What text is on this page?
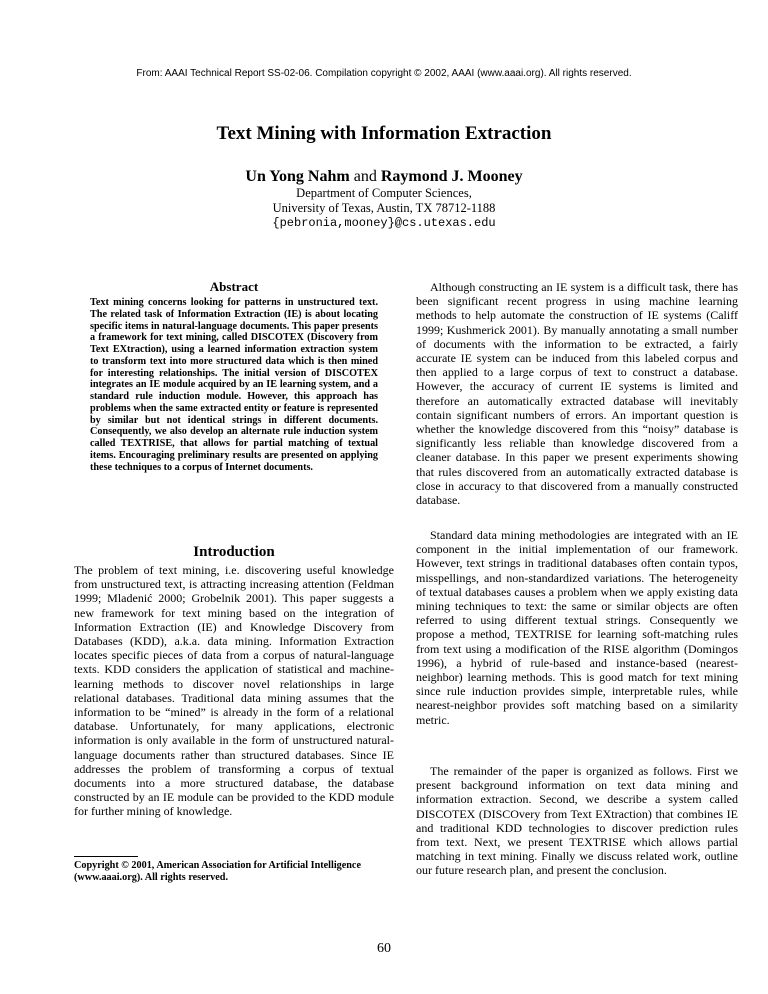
From: AAAI Technical Report SS-02-06. Compilation copyright © 2002, AAAI (www.aaai.org). All rights reserved.
Text Mining with Information Extraction
Un Yong Nahm and Raymond J. Mooney
Department of Computer Sciences,
University of Texas, Austin, TX 78712-1188
{pebronia,mooney}@cs.utexas.edu
Abstract

Text mining concerns looking for patterns in unstructured text. The related task of Information Extraction (IE) is about locating specific items in natural-language documents. This paper presents a framework for text mining, called DISCOTEX (Discovery from Text EXtraction), using a learned information extraction system to transform text into more structured data which is then mined for interesting relationships. The initial version of DISCOTEX integrates an IE module acquired by an IE learning system, and a standard rule induction module. However, this approach has problems when the same extracted entity or feature is represented by similar but not identical strings in different documents. Consequently, we also develop an alternate rule induction system called TEXTRISE, that allows for partial matching of textual items. Encouraging preliminary results are presented on applying these techniques to a corpus of Internet documents.

Introduction

The problem of text mining, i.e. discovering useful knowledge from unstructured text, is attracting increasing attention (Feldman 1999; Mladenić 2000; Grobelnik 2001). This paper suggests a new framework for text mining based on the integration of Information Extraction (IE) and Knowledge Discovery from Databases (KDD), a.k.a. data mining. Information Extraction locates specific pieces of data from a corpus of natural-language texts. KDD considers the application of statistical and machine-learning methods to discover novel relationships in large relational databases. Traditional data mining assumes that the information to be “mined” is already in the form of a relational database. Unfortunately, for many applications, electronic information is only available in the form of unstructured natural-language documents rather than structured databases. Since IE addresses the problem of transforming a corpus of textual documents into a more structured database, the database constructed by an IE module can be provided to the KDD module for further mining of knowledge.

Copyright © 2001, American Association for Artificial Intelligence (www.aaai.org). All rights reserved.

Although constructing an IE system is a difficult task, there has been significant recent progress in using machine learning methods to help automate the construction of IE systems (Califf 1999; Kushmerick 2001). By manually annotating a small number of documents with the information to be extracted, a fairly accurate IE system can be induced from this labeled corpus and then applied to a large corpus of text to construct a database. However, the accuracy of current IE systems is limited and therefore an automatically extracted database will inevitably contain significant numbers of errors. An important question is whether the knowledge discovered from this “noisy” database is significantly less reliable than knowledge discovered from a cleaner database. In this paper we present experiments showing that rules discovered from an automatically extracted database is close in accuracy to that discovered from a manually constructed database.

Standard data mining methodologies are integrated with an IE component in the initial implementation of our framework. However, text strings in traditional databases often contain typos, misspellings, and non-standardized variations. The heterogeneity of textual databases causes a problem when we apply existing data mining techniques to text: the same or similar objects are often referred to using different textual strings. Consequently we propose a method, TEXTRISE for learning soft-matching rules from text using a modification of the RISE algorithm (Domingos 1996), a hybrid of rule-based and instance-based (nearest-neighbor) learning methods. This is good match for text mining since rule induction provides simple, interpretable rules, while nearest-neighbor provides soft matching based on a similarity metric.

The remainder of the paper is organized as follows. First we present background information on text data mining and information extraction. Second, we describe a system called DISCOTEX (DISCOvery from Text EXtraction) that combines IE and traditional KDD technologies to discover prediction rules from text. Next, we present TEXTRISE which allows partial matching in text mining. Finally we discuss related work, outline our future research plan, and present the conclusion.

60
